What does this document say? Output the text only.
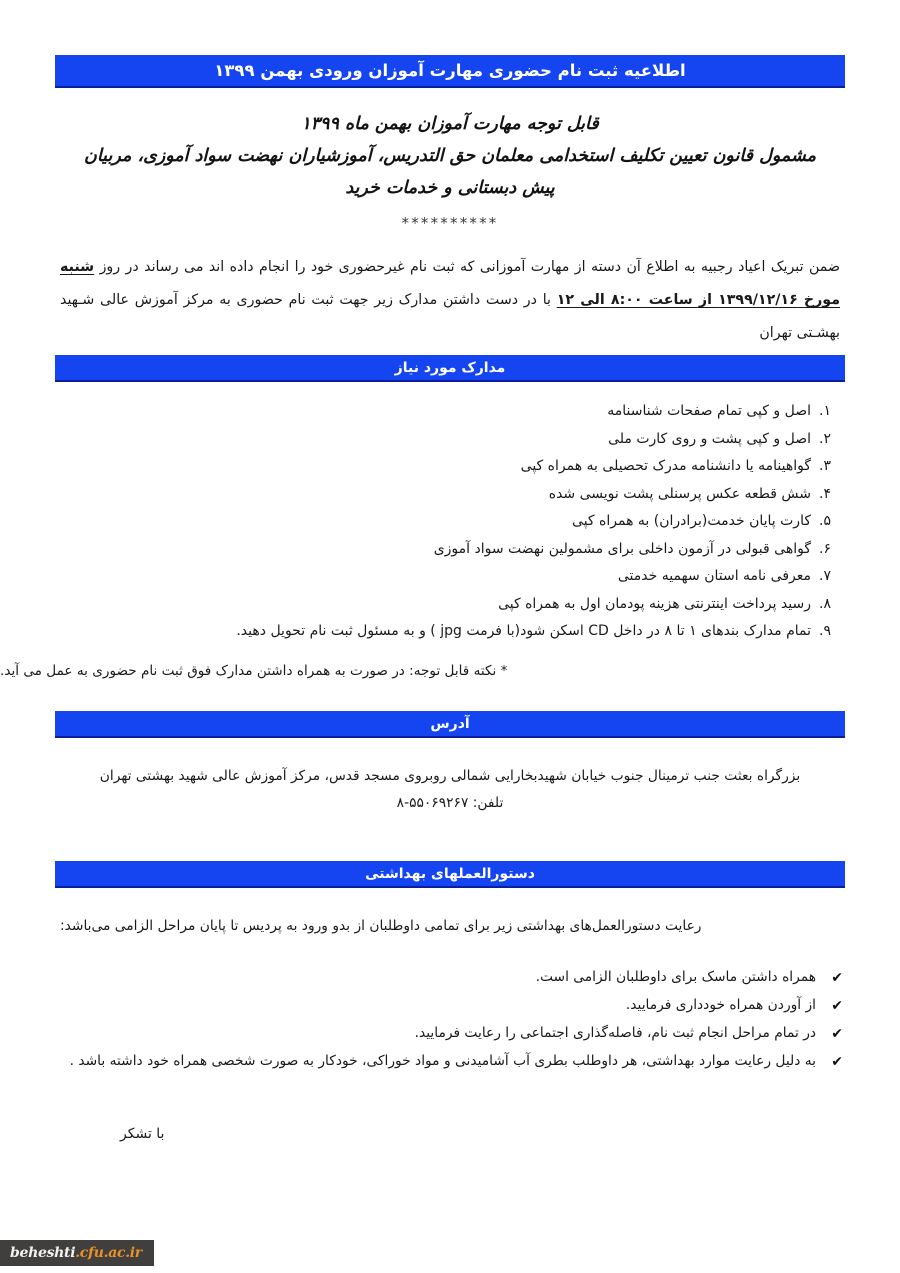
اطلاعیه ثبت نام حضوری مهارت آموزان ورودی بهمن ۱۳۹۹
قابل توجه مهارت آموزان بهمن ماه ۱۳۹۹
مشمول قانون تعیین تکلیف استخدامی معلمان حق التدریس، آموزشیاران نهضت سواد آموزی، مربیان
پیش دبستانی و خدمات خرید
**********
ضمن تبریک اعیاد رجبیه به اطلاع آن دسته از مهارت آموزانی که ثبت نام غیرحضوری خود را انجام داده اند می رساند در روز شنبه مورخ ۱۳۹۹/۱۲/۱۶ از ساعت ۸:۰۰ الی ۱۲ با در دست داشتن مدارک زیر جهت ثبت نام حضوری به مرکز آموزش عالی شـهید بهشـتی تهران
مدارک مورد نیاز
۱.اصل و کپی تمام صفحات شناسنامه
۲.اصل و کپی پشت و روی کارت ملی
۳.گواهینامه یا دانشنامه مدرک تحصیلی به همراه کپی
۴.شش قطعه عکس پرسنلی پشت نویسی شده
۵.کارت پایان خدمت(برادران) به همراه کپی
۶.گواهی قبولی در آزمون داخلی برای مشمولین نهضت سواد آموزی
۷.معرفی نامه استان سهمیه خدمتی
۸.رسید پرداخت اینترنتی هزینه پودمان اول به همراه کپی
۹.تمام مدارک بندهای ۱ تا ۸ در داخل CD اسکن شود(با فرمت jpg ) و به مسئول ثبت نام تحویل دهید.
* نکته قابل توجه: در صورت به همراه داشتن مدارک فوق ثبت نام حضوری به عمل می آید.
آدرس
بزرگراه بعثت جنب ترمینال جنوب خیابان شهیدبخارایی شمالی روبروی مسجد قدس، مرکز آموزش عالی شهید بهشتی تهران
تلفن: ۵۵۰۶۹۲۶۷-۸
دستورالعملهای بهداشتی
رعایت دستورالعمل‌های بهداشتی زیر برای تمامی داوطلبان از بدو ورود به پردیس تا پایان مراحل الزامی می‌باشد:
✔همراه داشتن ماسک برای داوطلبان الزامی است.
✔از آوردن همراه خودداری فرمایید.
✔در تمام مراحل انجام ثبت نام، فاصله‌گذاری اجتماعی را رعایت فرمایید.
✔به دلیل رعایت موارد بهداشتی، هر داوطلب بطری آب آشامیدنی و مواد خوراکی، خودکار به صورت شخصی همراه خود داشته باشد .
با تشکر
beheshti.cfu.ac.ir
